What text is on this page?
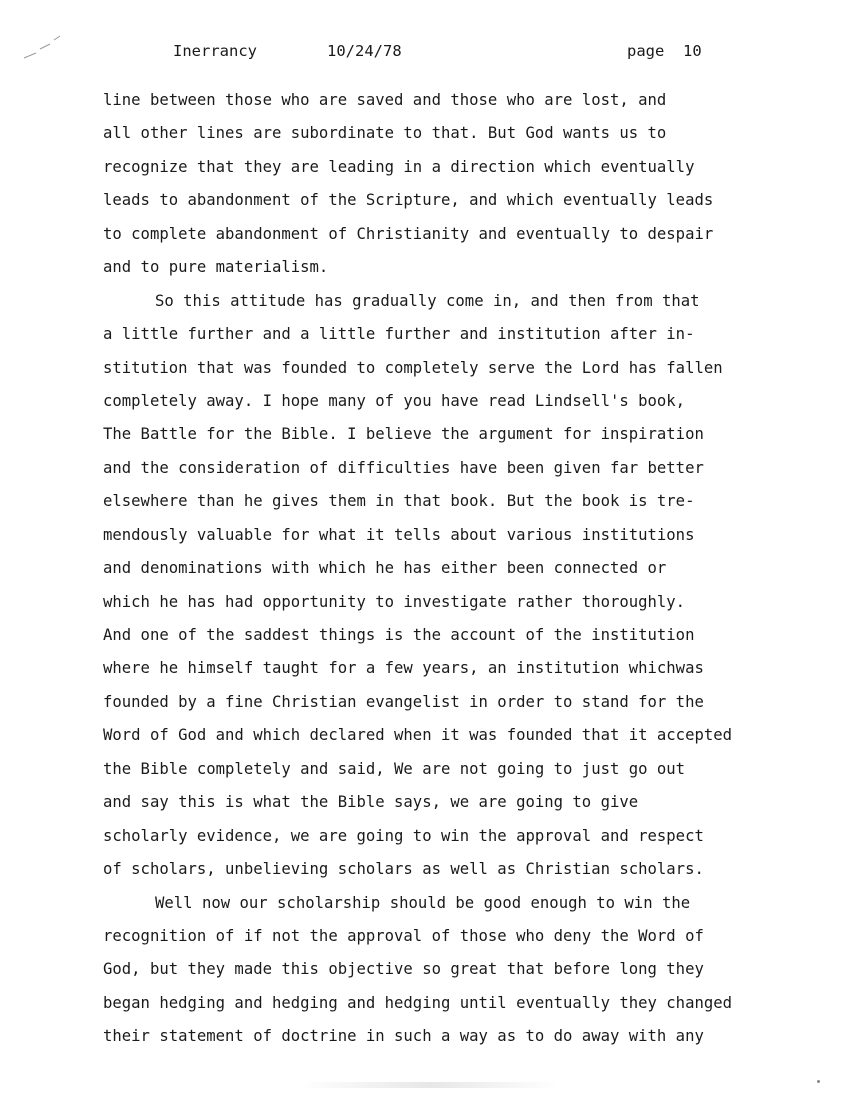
Inerrancy	10/24/78	page  10
line between those who are saved and those who are lost, and
all other lines are subordinate to that. But God wants us to
recognize that they are leading in a direction which eventually
leads to abandonment of the Scripture, and which eventually leads
to complete abandonment of Christianity and eventually to despair
and to pure materialism.
So this attitude has gradually come in, and then from that
a little further and a little further and institution after in-
stitution that was founded to completely serve the Lord has fallen
completely away. I hope many of you have read Lindsell's book,
The Battle for the Bible. I believe the argument for inspiration
and the consideration of difficulties have been given far better
elsewhere than he gives them in that book. But the book is tre-
mendously valuable for what it tells about various institutions
and denominations with which he has either been connected or
which he has had opportunity to investigate rather thoroughly.
And one of the saddest things is the account of the institution
where he himself taught for a few years, an institution whichwas
founded by a fine Christian evangelist in order to stand for the
Word of God and which declared when it was founded that it accepted
the Bible completely and said, We are not going to just go out
and say this is what the Bible says, we are going to give
scholarly evidence, we are going to win the approval and respect
of scholars, unbelieving scholars as well as Christian scholars.
Well now our scholarship should be good enough to win the
recognition of if not the approval of those who deny the Word of
God, but they made this objective so great that before long they
began hedging and hedging and hedging until eventually they changed
their statement of doctrine in such a way as to do away with any
